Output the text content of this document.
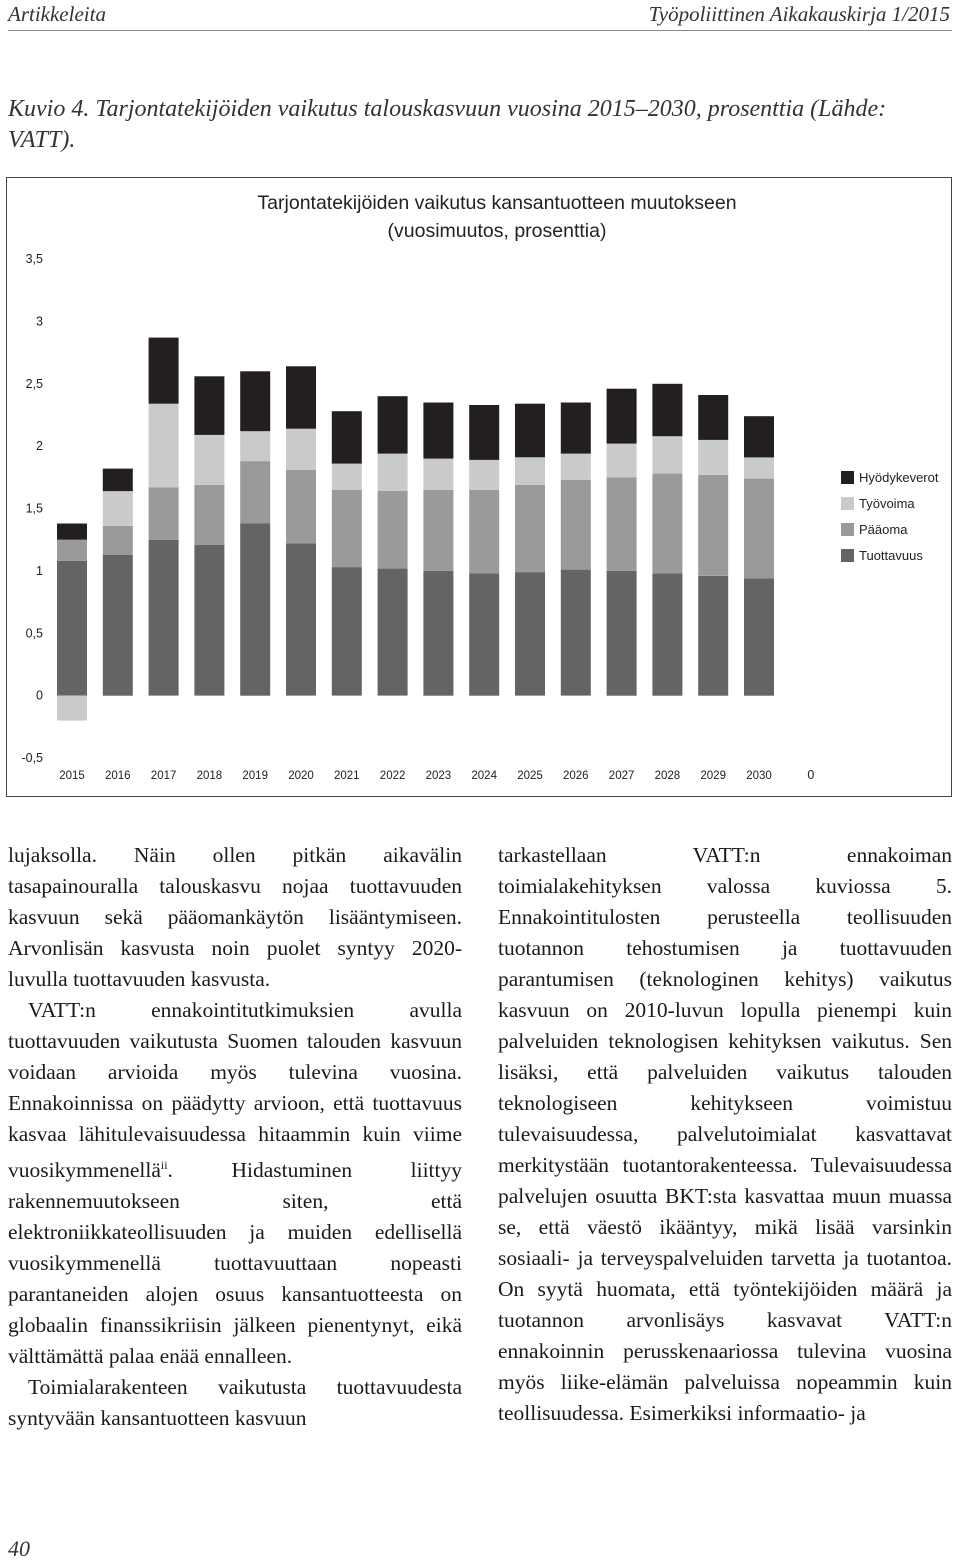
Artikkeleita	Työpoliittinen Aikakauskirja 1/2015
Kuvio 4. Tarjontatekijöiden vaikutus talouskasvuun vuosina 2015–2030, prosenttia (Lähde: VATT).
Tarjontatekijöiden vaikutus kansantuotteen muutokseen
(vuosimuutos, prosenttia)
-0,5
0
0,5
1
1,5
2
2,5
3
3,5
2015 2016 2017 2018 2019 2020 2021 2022 2023 2024 2025 2026 2027 2028 2029 2030	0
Hyödykeverot
Työvoima
Pääoma
Tuottavuus

lujaksolla. Näin ollen pitkän aikavälin tasapainouralla talouskasvu nojaa tuottavuuden kasvuun sekä pääomankäytön lisääntymiseen. Arvonlisän kasvusta noin puolet syntyy 2020-luvulla tuottavuuden kasvusta.

VATT:n ennakointitutkimuksien avulla tuottavuuden vaikutusta Suomen talouden kasvuun voidaan arvioida myös tulevina vuosina. Ennakoinnissa on päädytty arvioon, että tuottavuus kasvaa lähitulevaisuudessa hitaammin kuin viime vuosikymmenellä$^{ii}$. Hidastuminen liittyy rakennemuutokseen siten, että elektroniikkateollisuuden ja muiden edellisellä vuosikymmenellä tuottavuuttaan nopeasti parantaneiden alojen osuus kansantuotteesta on globaalin finanssikriisin jälkeen pienentynyt, eikä välttämättä palaa enää ennalleen.

Toimialarakenteen vaikutusta tuottavuudesta syntyvään kansantuotteen kasvuun

tarkastellaan VATT:n ennakoiman toimialakehityksen valossa kuviossa 5. Ennakointitulosten perusteella teollisuuden tuotannon tehostumisen ja tuottavuuden parantumisen (teknologinen kehitys) vaikutus kasvuun on 2010-luvun lopulla pienempi kuin palveluiden teknologisen kehityksen vaikutus. Sen lisäksi, että palveluiden vaikutus talouden teknologiseen kehitykseen voimistuu tulevaisuudessa, palvelutoimialat kasvattavat merkitystään tuotantorakenteessa. Tulevaisuudessa palvelujen osuutta BKT:sta kasvattaa muun muassa se, että väestö ikääntyy, mikä lisää varsinkin sosiaali- ja terveyspalveluiden tarvetta ja tuotantoa. On syytä huomata, että työntekijöiden määrä ja tuotannon arvonlisäys kasvavat VATT:n ennakoinnin perusskenaariossa tulevina vuosina myös liike-elämän palveluissa nopeammin kuin teollisuudessa. Esimerkiksi informaatio- ja

40
